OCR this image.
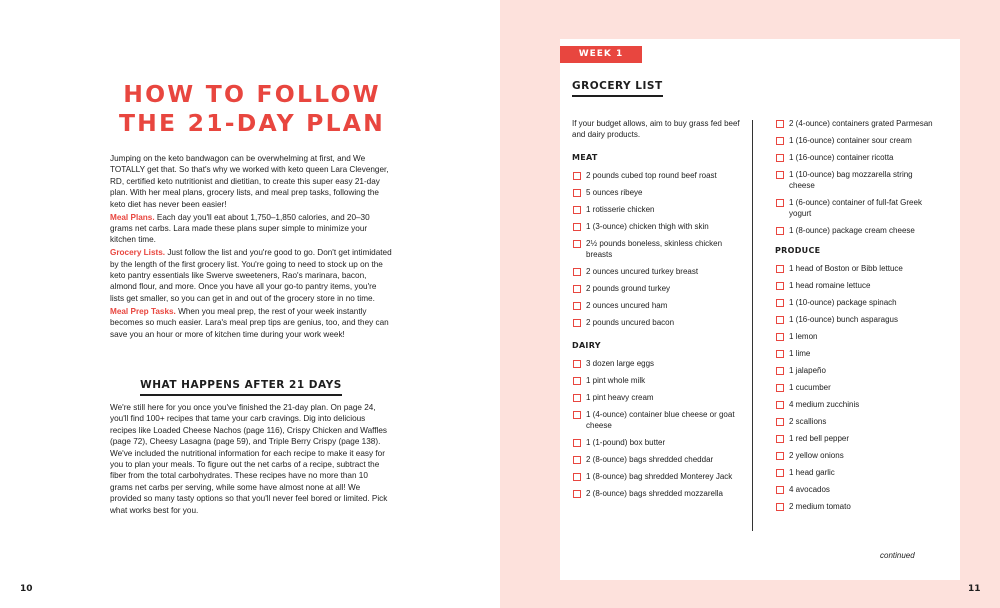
HOW TO FOLLOW
THE 21-DAY PLAN

Jumping on the keto bandwagon can be overwhelming at first, and We TOTALLY get that. So that's why we worked with keto queen Lara Clevenger, RD, certified keto nutritionist and dietitian, to create this super easy 21-day plan. With her meal plans, grocery lists, and meal prep tasks, following the keto diet has never been easier!

Meal Plans. Each day you'll eat about 1,750–1,850 calories, and 20–30 grams net carbs. Lara made these plans super simple to minimize your kitchen time.

Grocery Lists. Just follow the list and you're good to go. Don't get intimidated by the length of the first grocery list. You're going to need to stock up on the keto pantry essentials like Swerve sweeteners, Rao's marinara, bacon, almond flour, and more. Once you have all your go-to pantry items, you're lists get smaller, so you can get in and out of the grocery store in no time.

Meal Prep Tasks. When you meal prep, the rest of your week instantly becomes so much easier. Lara's meal prep tips are genius, too, and they can save you an hour or more of kitchen time during your work week!

WHAT HAPPENS AFTER 21 DAYS

We're still here for you once you've finished the 21-day plan. On page 24, you'll find 100+ recipes that tame your carb cravings. Dig into delicious recipes like Loaded Cheese Nachos (page 116), Crispy Chicken and Waffles (page 72), Cheesy Lasagna (page 59), and Triple Berry Crispy (page 138). We've included the nutritional information for each recipe to make it easy for you to plan your meals. To figure out the net carbs of a recipe, subtract the fiber from the total carbohydrates. These recipes have no more than 10 grams net carbs per serving, while some have almost none at all! We provided so many tasty options so that you'll never feel bored or limited. Pick what works best for you.

10
WEEK 1
GROCERY LIST

If your budget allows, aim to buy grass fed beef and dairy products.

MEAT
2 pounds cubed top round beef roast
5 ounces ribeye
1 rotisserie chicken
1 (3-ounce) chicken thigh with skin
2½ pounds boneless, skinless chicken breasts
2 ounces uncured turkey breast
2 pounds ground turkey
2 ounces uncured ham
2 pounds uncured bacon
DAIRY
3 dozen large eggs
1 pint whole milk
1 pint heavy cream
1 (4-ounce) container blue cheese or goat cheese
1 (1-pound) box butter
2 (8-ounce) bags shredded cheddar
1 (8-ounce) bag shredded Monterey Jack
2 (8-ounce) bags shredded mozzarella
2 (4-ounce) containers grated Parmesan
1 (16-ounce) container sour cream
1 (16-ounce) container ricotta
1 (10-ounce) bag mozzarella string cheese
1 (6-ounce) container of full-fat Greek yogurt
1 (8-ounce) package cream cheese
PRODUCE
1 head of Boston or Bibb lettuce
1 head romaine lettuce
1 (10-ounce) package spinach
1 (16-ounce) bunch asparagus
1 lemon
1 lime
1 jalapeño
1 cucumber
4 medium zucchinis
2 scallions
1 red bell pepper
2 yellow onions
1 head garlic
4 avocados
2 medium tomato
continued
11
